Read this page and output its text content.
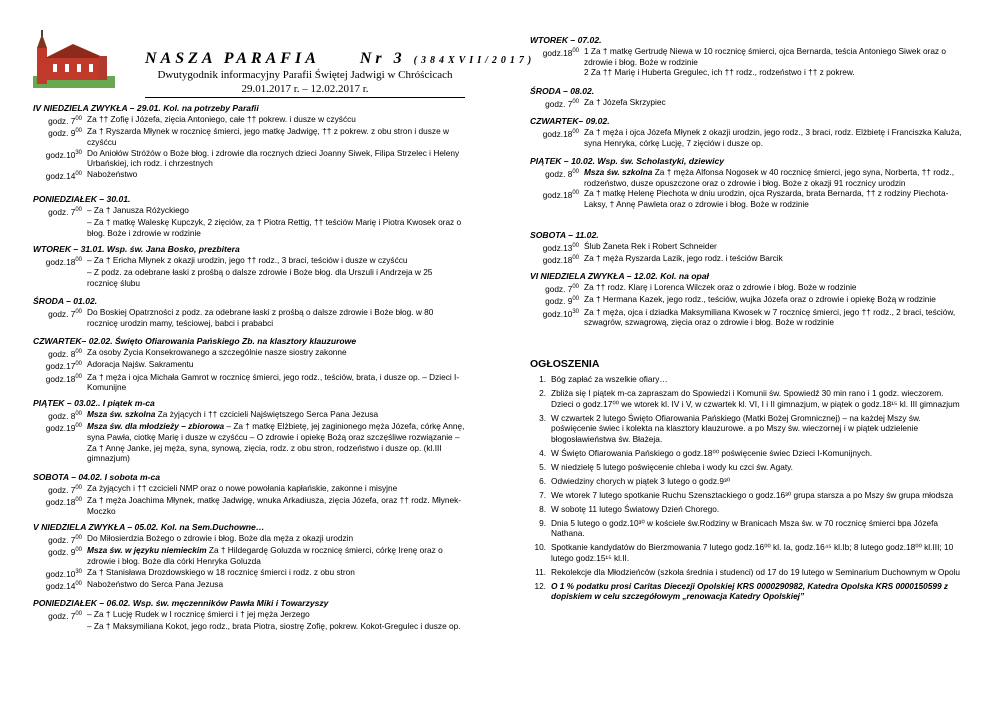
NASZA PARAFIA	Nr 3 (384XVII/2017)
Dwutygodnik informacyjny Parafii Świętej Jadwigi w Chróścicach
29.01.2017 r. – 12.02.2017 r.
IV NIEDZIELA ZWYKŁA – 29.01. Kol. na potrzeby Parafii
godz. $7^{00}$ Za †† Zofię i Józefa, zięcia Antoniego, całe †† pokrew. i dusze w czyśćcu
godz. $9^{00}$ Za † Ryszarda Młynek w rocznicę śmierci, jego matkę Jadwigę, †† z pokrew. z obu stron i dusze w czyśćcu
$godz.10^{30}$ Do Aniołów Stróżów o Boże błog. i zdrowie dla rocznych dzieci Joanny Siwek, Filipa Strzelec i Heleny Urbańskiej, ich rodz. i chrzestnych
$godz.14^{00}$ Nabożeństwo
PONIEDZIAŁEK – 30.01.
godz. $7^{00}$ – Za † Janusza Różyckiego
– Za † matkę Waleskę Kupczyk, 2 zięciów, za † Piotra Rettig, †† teściów Marię i Piotra Kwosek oraz o błog. Boże i zdrowie w rodzinie
WTOREK – 31.01. Wsp. św. Jana Bosko, prezbitera
$godz.18^{00}$ – Za † Ericha Młynek z okazji urodzin, jego †† rodz., 3 braci, teściów i dusze w czyśćcu
– Z podz. za odebrane łaski z prośbą o dalsze zdrowie i Boże błog. dla Urszuli i Andrzeja w 25 rocznicę ślubu
ŚRODA – 01.02.
godz. $7^{00}$ Do Boskiej Opatrzności z podz. za odebrane łaski z prośbą o dalsze zdrowie i Boże błog. w 80 rocznicę urodzin mamy, teściowej, babci i prababci
CZWARTEK– 02.02. Święto Ofiarowania Pańskiego Zb. na klasztory klauzurowe
godz. $8^{00}$ Za osoby Życia Konsekrowanego a szczególnie nasze siostry zakonne
$godz.17^{00}$ Adoracja Najśw. Sakramentu
$godz.18^{00}$ Za † męża i ojca Michała Gamrot w rocznicę śmierci, jego rodz., teściów, brata, i dusze op. – Dzieci I-Komunijne
PIĄTEK – 03.02.. I piątek m-ca
godz. $8^{00}$ Msza św. szkolna Za żyjących i †† czcicieli Najświętszego Serca Pana Jezusa
$godz.19^{00}$ Msza św. dla młodzieży – zbiorowa – Za † matkę Elżbietę, jej zaginionego męża Józefa, córkę Annę, syna Pawła, ciotkę Marię i dusze w czyśćcu – O zdrowie i opiekę Bożą oraz szczęśliwe rozwiązanie – Za † Annę Janke, jej męża, syna, synową, zięcia, rodz. z obu stron, rodzeństwo i dusze op. (kl.III gimnazjum)
SOBOTA – 04.02. I sobota m-ca
godz. $7^{00}$ Za żyjących i †† czcicieli NMP oraz o nowe powołania kapłańskie, zakonne i misyjne
$godz.18^{00}$ Za † męża Joachima Młynek, matkę Jadwigę, wnuka Arkadiusza, zięcia Józefa, oraz †† rodz. Młynek-Moczko
V NIEDZIELA ZWYKŁA – 05.02. Kol. na Sem.Duchowne…
godz. $7^{00}$ Do Miłosierdzia Bożego o zdrowie i błog. Boże dla męża z okazji urodzin
godz. $9^{00}$ Msza św. w języku niemieckim Za † Hildegardę Goluzda w rocznicę śmierci, córkę Irenę oraz o zdrowie i błog. Boże dla córki Henryka Goluzda
$godz.10^{30}$ Za † Stanisława Drozdowskiego w 18 rocznicę śmierci i rodz. z obu stron
$godz.14^{00}$ Nabożeństwo do Serca Pana Jezusa
PONIEDZIAŁEK – 06.02. Wsp. św. męczenników Pawła Miki i Towarzyszy
godz. $7^{00}$ – Za † Lucję Rudek w I rocznicę śmierci i † jej męża Jerzego
– Za † Maksymiliana Kokot, jego rodz., brata Piotra, siostrę Zofię, pokrew. Kokot-Gregulec i dusze op.
WTOREK – 07.02.
$godz.18^{00}$ 1 Za † matkę Gertrudę Niewa w 10 rocznicę śmierci, ojca Bernarda, teścia Antoniego Siwek oraz o zdrowie i błog. Boże w rodzinie
2 Za †† Marię i Huberta Gregulec, ich †† rodz., rodzeństwo i †† z pokrew.
ŚRODA – 08.02.
godz. $7^{00}$ Za † Józefa Skrzypiec
CZWARTEK– 09.02.
$godz.18^{00}$ Za † męża i ojca Józefa Młynek z okazji urodzin, jego rodz., 3 braci, rodz. Elżbietę i Franciszka Kaluża, syna Henryka, córkę Lucję, 7 zięciów i dusze op.
PIĄTEK – 10.02. Wsp. św. Scholastyki, dziewicy
godz. $8^{00}$ Msza św. szkolna Za † męża Alfonsa Nogosek w 40 rocznicę śmierci, jego syna, Norberta, †† rodz., rodzeństwo, dusze opuszczone oraz o zdrowie i błog. Boże z okazji 91 rocznicy urodzin
$godz.18^{00}$ Za † matkę Helenę Piechota w dniu urodzin, ojca Ryszarda, brata Bernarda, †† z rodziny Piechota-Laksy, † Annę Pawleta oraz o zdrowie i błog. Boże w rodzinie
SOBOTA – 11.02.
$godz.13^{00}$ Ślub Żaneta Rek i Robert Schneider
$godz.18^{00}$ Za † męża Ryszarda Lazik, jego rodz. i teściów Barcik
VI NIEDZIELA ZWYKŁA – 12.02. Kol. na opał
godz. $7^{00}$ Za †† rodz. Klarę i Lorenca Wilczek oraz o zdrowie i błog. Boże w rodzinie
godz. $9^{00}$ Za † Hermana Kazek, jego rodz., teściów, wujka Józefa oraz o zdrowie i opiekę Bożą w rodzinie
$godz.10^{30}$ Za † męża, ojca i dziadka Maksymiliana Kwosek w 7 rocznicę śmierci, jego †† rodz., 2 braci, teściów, szwagrów, szwagrową, zięcia oraz o zdrowie i błog. Boże w rodzinie
OGŁOSZENIA
1. Bóg zapłać za wszelkie ofiary…
2. Zbliża się I piątek m-ca zapraszam do Spowiedzi i Komunii św. Spowiedź 30 min rano i 1 godz. wieczorem. Dzieci o godz.17⁰⁰ we wtorek kl. IV i V, w czwartek kl. VI, I i II gimnazjum, w piątek o godz.18¹⁵ kl. III gimnazjum
3. W czwartek 2 lutego Święto Ofiarowania Pańskiego (Matki Bożej Gromnicznej) – na każdej Mszy św. poświęcenie świec i kolekta na klasztory klauzurowe. a po Mszy św. wieczornej i w piątek udzielenie błogosławieństwa św. Błażeja.
4. W Święto Ofiarowania Pańskiego o godz.18⁰⁰ poświęcenie świec Dzieci I-Komunijnych.
5. W niedzielę 5 lutego poświęcenie chleba i wody ku czci św. Agaty.
6. Odwiedziny chorych w piątek 3 lutego o godz.9³⁰
7. We wtorek 7 lutego spotkanie Ruchu Szensztackiego o godz.16³⁰ grupa starsza a po Mszy św grupa młodsza
8. W sobotę 11 lutego Światowy Dzień Chorego.
9. Dnia 5 lutego o godz.10³⁰ w kościele św.Rodziny w Branicach Msza św. w 70 rocznicę śmierci bpa Józefa Nathana.
10. Spotkanie kandydatów do Bierzmowania 7 lutego godz.16⁰⁰ kl. Ia, godz.16⁴⁵ kl.Ib; 8 lutego godz.18⁰⁰ kl.III; 10 lutego godz.15¹⁵ kl.II.
11. Rekolekcje dla Młodzieńców (szkoła średnia i studenci) od 17 do 19 lutego w Seminarium Duchownym w Opolu
12. O 1 % podatku prosi Caritas Diecezji Opolskiej KRS 0000290982, Katedra Opolska KRS 0000150599 z dopiskiem w celu szczegółowym „renowacja Katedry Opolskiej”
